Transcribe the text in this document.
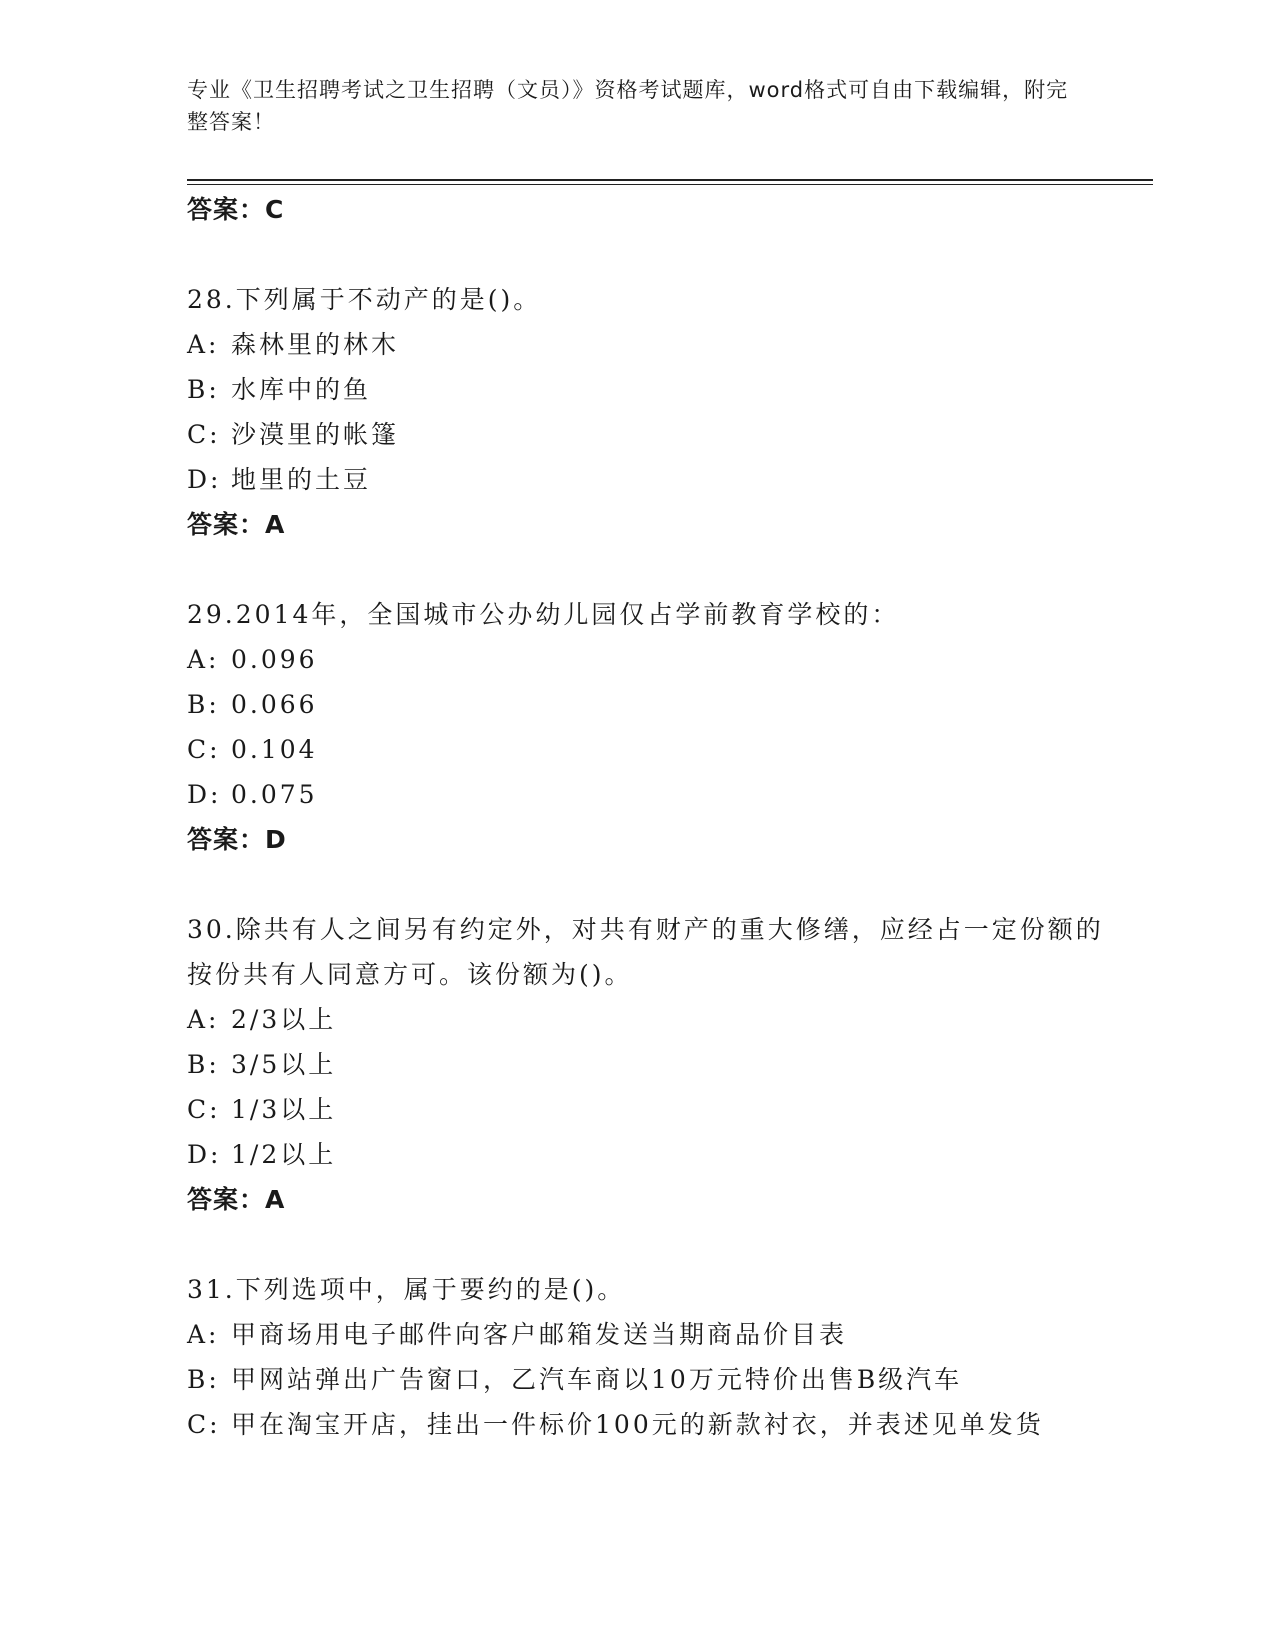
专业《卫生招聘考试之卫生招聘（文员）》资格考试题库，word格式可自由下载编辑，附完整答案！
答案：C
28.下列属于不动产的是()。
A: 森林里的林木
B: 水库中的鱼
C: 沙漠里的帐篷
D: 地里的土豆
答案：A
29.2014年，全国城市公办幼儿园仅占学前教育学校的：
A: 0.096
B: 0.066
C: 0.104
D: 0.075
答案：D
30.除共有人之间另有约定外，对共有财产的重大修缮，应经占一定份额的按份共有人同意方可。该份额为()。
A: 2/3以上
B: 3/5以上
C: 1/3以上
D: 1/2以上
答案：A
31.下列选项中，属于要约的是()。
A: 甲商场用电子邮件向客户邮箱发送当期商品价目表
B: 甲网站弹出广告窗口，乙汽车商以10万元特价出售B级汽车
C: 甲在淘宝开店，挂出一件标价100元的新款衬衣，并表述见单发货
